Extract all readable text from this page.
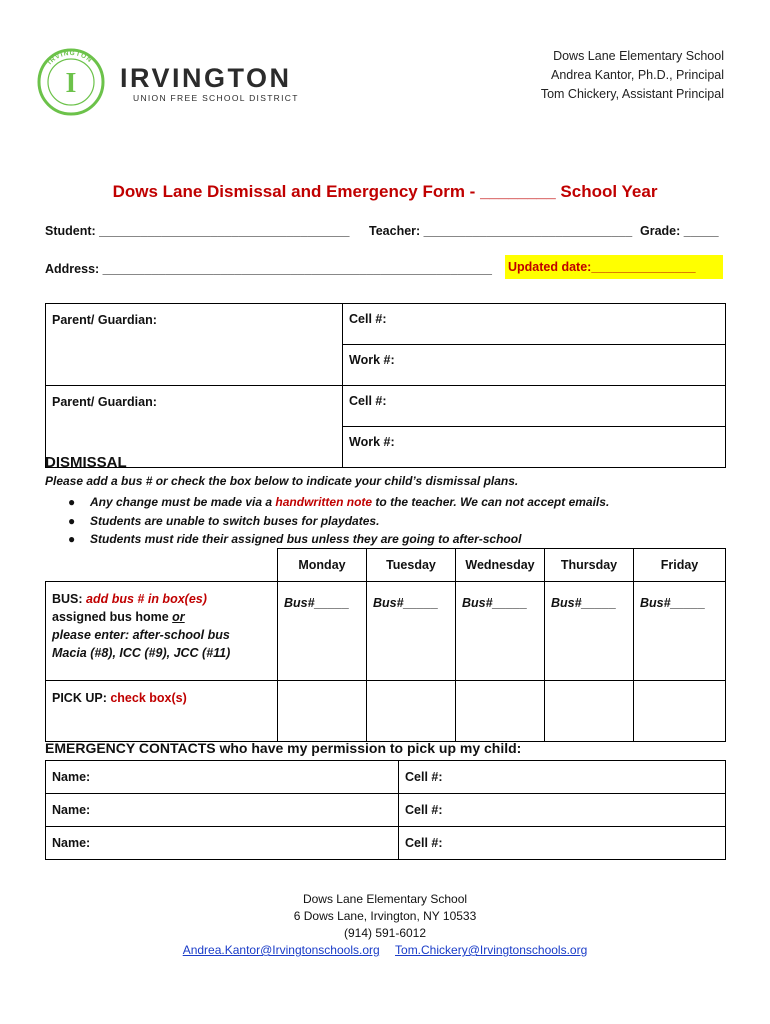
IRVINGTON
I IRVINGTON
UNION FREE SCHOOL DISTRICT
Dows Lane Elementary School
Andrea Kantor, Ph.D., Principal
Tom Chickery, Assistant Principal
Dows Lane Dismissal and Emergency Form - ________ School Year
Student: ____________________________________ Teacher: ______________________________ Grade: _____
Address: ________________________________________________________ Updated date:_______________
Parent/ Guardian:	Cell #:
	Work #:
Parent/ Guardian:	Cell #:
	Work #:
DISMISSAL
Please add a bus # or check the box below to indicate your child’s dismissal plans.
● Any change must be made via a handwritten note to the teacher. We can not accept emails.
● Students are unable to switch buses for playdates.
● Students must ride their assigned bus unless they are going to after-school
	Monday	Tuesday	Wednesday	Thursday	Friday

BUS: add bus # in box(es)
assigned bus home or
please enter: after-school bus
Macia (#8), ICC (#9), JCC (#11)	Bus#_____	Bus#_____	Bus#_____	Bus#_____	Bus#_____
PICK UP: check box(s)					
EMERGENCY CONTACTS who have my permission to pick up my child:
Name:	Cell #:
Name:	Cell #:
Name:	Cell #:
Dows Lane Elementary School
6 Dows Lane, Irvington, NY 10533
(914) 591-6012
Andrea.Kantor@Irvingtonschools.org Tom.Chickery@Irvingtonschools.org
